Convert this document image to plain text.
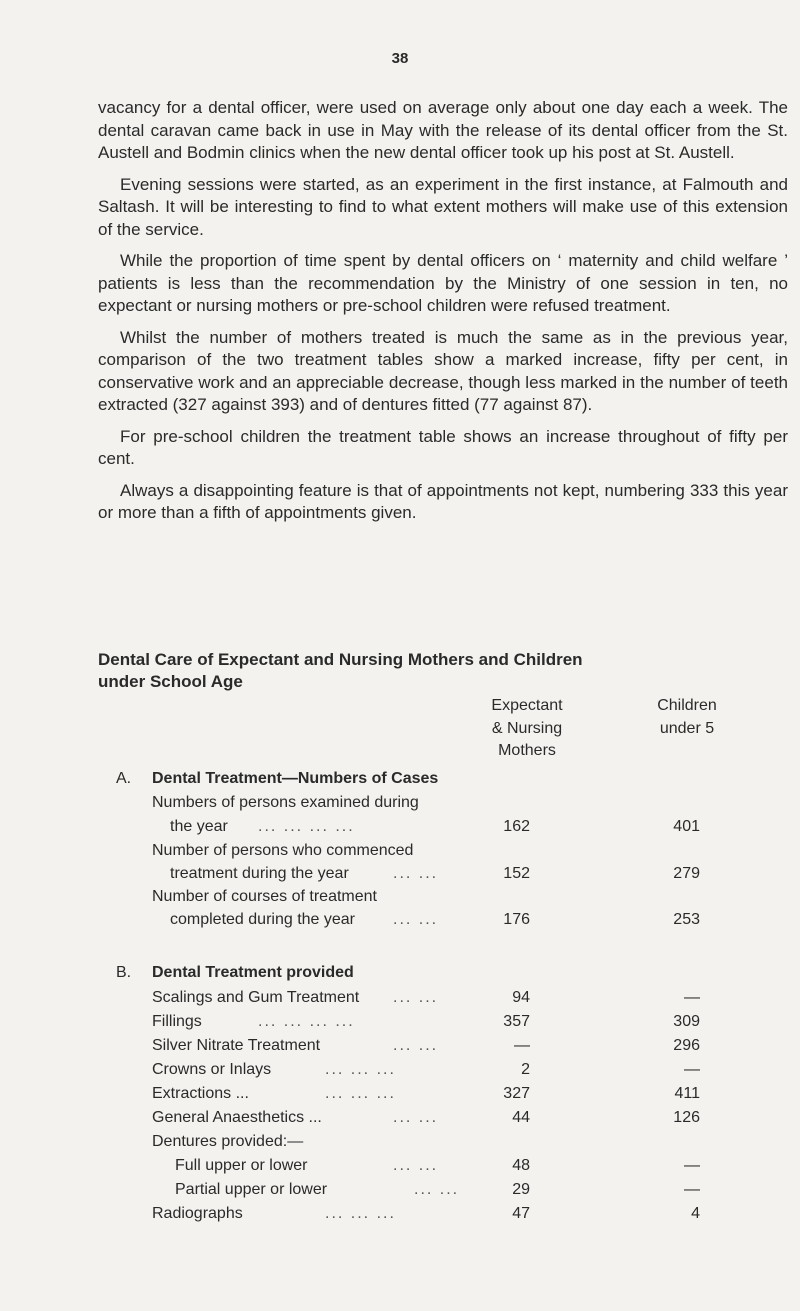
38

vacancy for a dental officer, were used on average only about one day each a week. The dental caravan came back in use in May with the release of its dental officer from the St. Austell and Bodmin clinics when the new dental officer took up his post at St. Austell.

Evening sessions were started, as an experiment in the first instance, at Falmouth and Saltash. It will be interesting to find to what extent mothers will make use of this extension of the service.

While the proportion of time spent by dental officers on ‘ maternity and child welfare ’ patients is less than the recommendation by the Ministry of one session in ten, no expectant or nursing mothers or pre-school children were refused treatment.

Whilst the number of mothers treated is much the same as in the previous year, comparison of the two treatment tables show a marked increase, fifty per cent, in conservative work and an appreciable decrease, though less marked in the number of teeth extracted (327 against 393) and of dentures fitted (77 against 87).

For pre-school children the treatment table shows an increase throughout of fifty per cent.

Always a disappointing feature is that of appointments not kept, numbering 333 this year or more than a fifth of appointments given.

Dental Care of Expectant and Nursing Mothers and Children
under School Age
Expectant
& Nursing
Mothers
Children
under 5
A. Dental Treatment—Numbers of Cases
Numbers of persons examined during
the year ... ... ... ...	162	401
Number of persons who commenced
treatment during the year	... ...	152	279
Number of courses of treatment
completed during the year ... ...	176	253
B. Dental Treatment provided
Scalings and Gum Treatment ... ...	94	—
Fillings	... ... ... ...	357	309
Silver Nitrate Treatment	... ...	—	296
Crowns or Inlays	... ... ...	2	—
Extractions ...	... ... ...	327	411
General Anaesthetics ...	... ...	44	126
Dentures provided:—
Full upper or lower	... ...	48	—
Partial upper or lower	... ...	29	—
Radiographs	... ... ...	47	4
